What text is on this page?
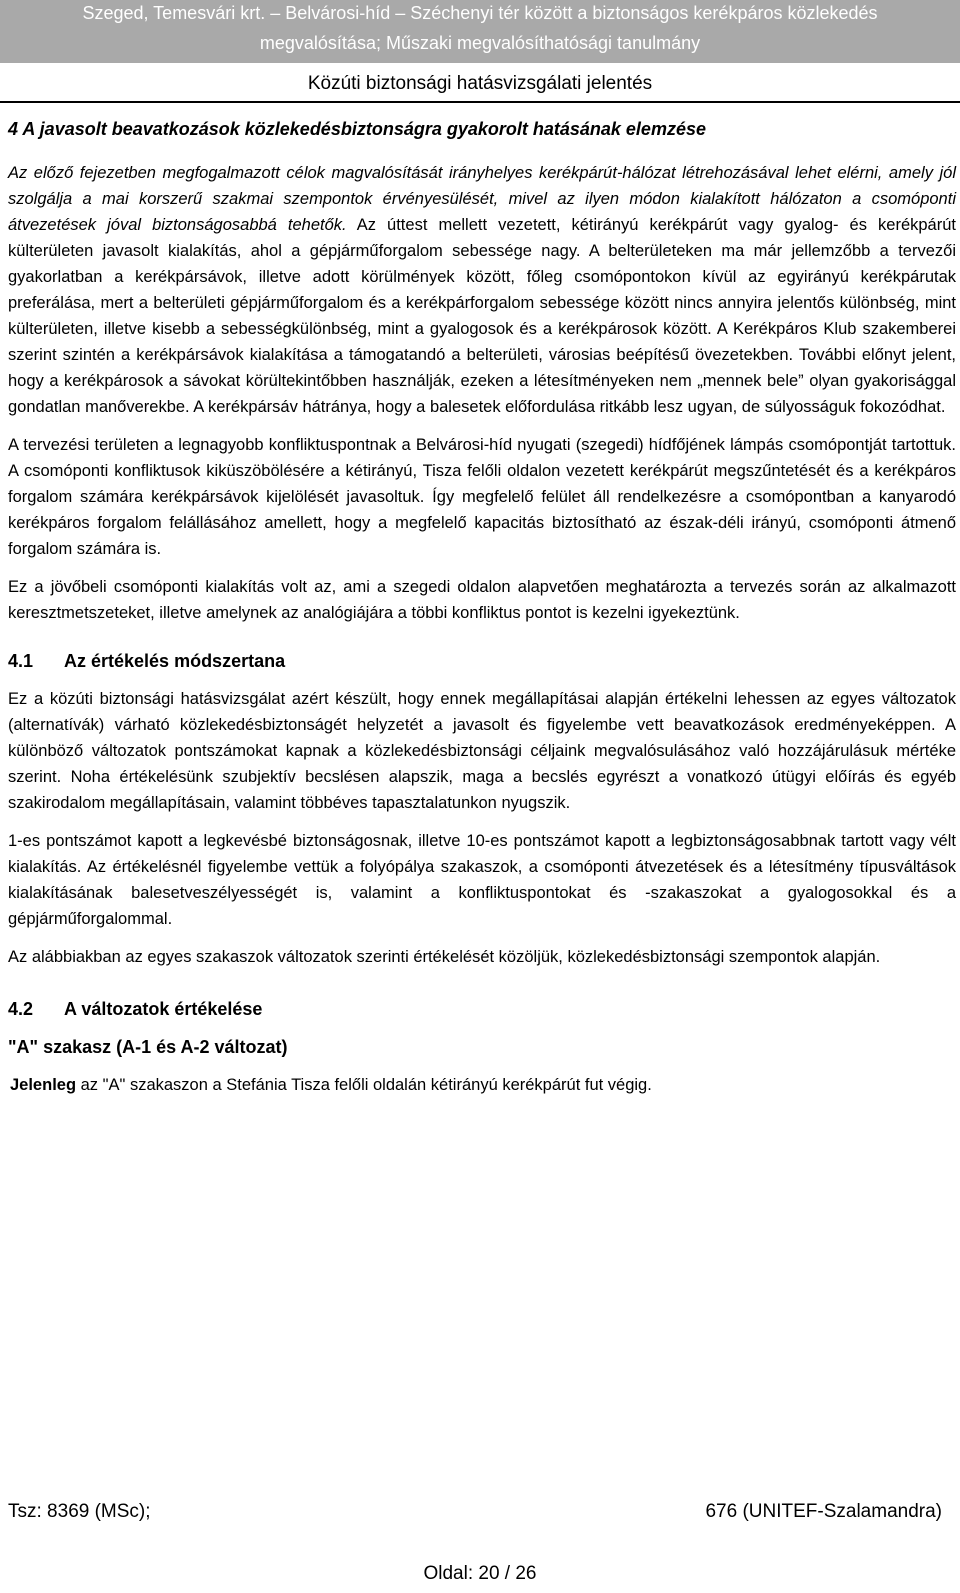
Szeged, Temesvári krt. – Belvárosi-híd – Széchenyi tér között a biztonságos kerékpáros közlekedés
megvalósítása; Műszaki megvalósíthatósági tanulmány
Közúti biztonsági hatásvizsgálati jelentés
4 A javasolt beavatkozások közlekedésbiztonságra gyakorolt hatásának elemzése

Az előző fejezetben megfogalmazott célok magvalósítását irányhelyes kerékpárút-hálózat létrehozásával lehet elérni, amely jól szolgálja a mai korszerű szakmai szempontok érvényesülését, mivel az ilyen módon kialakított hálózaton a csomóponti átvezetések jóval biztonságosabbá tehetők. Az úttest mellett vezetett, kétirányú kerékpárút vagy gyalog- és kerékpárút külterületen javasolt kialakítás, ahol a gépjárműforgalom sebessége nagy. A belterületeken ma már jellemzőbb a tervezői gyakorlatban a kerékpársávok, illetve adott körülmények között, főleg csomópontokon kívül az egyirányú kerékpárutak preferálása, mert a belterületi gépjárműforgalom és a kerékpárforgalom sebessége között nincs annyira jelentős különbség, mint külterületen, illetve kisebb a sebességkülönbség, mint a gyalogosok és a kerékpárosok között. A Kerékpáros Klub szakemberei szerint szintén a kerékpársávok kialakítása a támogatandó a belterületi, városias beépítésű övezetekben. További előnyt jelent, hogy a kerékpárosok a sávokat körültekintőbben használják, ezeken a létesítményeken nem „mennek bele” olyan gyakorisággal gondatlan manőverekbe. A kerékpársáv hátránya, hogy a balesetek előfordulása ritkább lesz ugyan, de súlyosságuk fokozódhat.

A tervezési területen a legnagyobb konfliktuspontnak a Belvárosi-híd nyugati (szegedi) hídfőjének lámpás csomópontját tartottuk. A csomóponti konfliktusok kiküszöbölésére a kétirányú, Tisza felőli oldalon vezetett kerékpárút megszűntetését és a kerékpáros forgalom számára kerékpársávok kijelölését javasoltuk. Így megfelelő felület áll rendelkezésre a csomópontban a kanyarodó kerékpáros forgalom felállásához amellett, hogy a megfelelő kapacitás biztosítható az észak-déli irányú, csomóponti átmenő forgalom számára is.

Ez a jövőbeli csomóponti kialakítás volt az, ami a szegedi oldalon alapvetően meghatározta a tervezés során az alkalmazott keresztmetszeteket, illetve amelynek az analógiájára a többi konfliktus pontot is kezelni igyekeztünk.

4.1 Az értékelés módszertana

Ez a közúti biztonsági hatásvizsgálat azért készült, hogy ennek megállapításai alapján értékelni lehessen az egyes változatok (alternatívák) várható közlekedésbiztonságét helyzetét a javasolt és figyelembe vett beavatkozások eredményeképpen. A különböző változatok pontszámokat kapnak a közlekedésbiztonsági céljaink megvalósulásához való hozzájárulásuk mértéke szerint. Noha értékelésünk szubjektív becslésen alapszik, maga a becslés egyrészt a vonatkozó útügyi előírás és egyéb szakirodalom megállapításain, valamint többéves tapasztalatunkon nyugszik.

1-es pontszámot kapott a legkevésbé biztonságosnak, illetve 10-es pontszámot kapott a legbiztonságosabbnak tartott vagy vélt kialakítás. Az értékelésnél figyelembe vettük a folyópálya szakaszok, a csomóponti átvezetések és a létesítmény típusváltások kialakításának balesetveszélyességét is, valamint a konfliktuspontokat és -szakaszokat a gyalogosokkal és a gépjárműforgalommal.

Az alábbiakban az egyes szakaszok változatok szerinti értékelését közöljük, közlekedésbiztonsági szempontok alapján.

4.2 A változatok értékelése
"A" szakasz (A-1 és A-2 változat)

Jelenleg az "A" szakaszon a Stefánia Tisza felőli oldalán kétirányú kerékpárút fut végig.

Tsz: 8369 (MSc);	676 (UNITEF-Szalamandra)
Oldal: 20 / 26
